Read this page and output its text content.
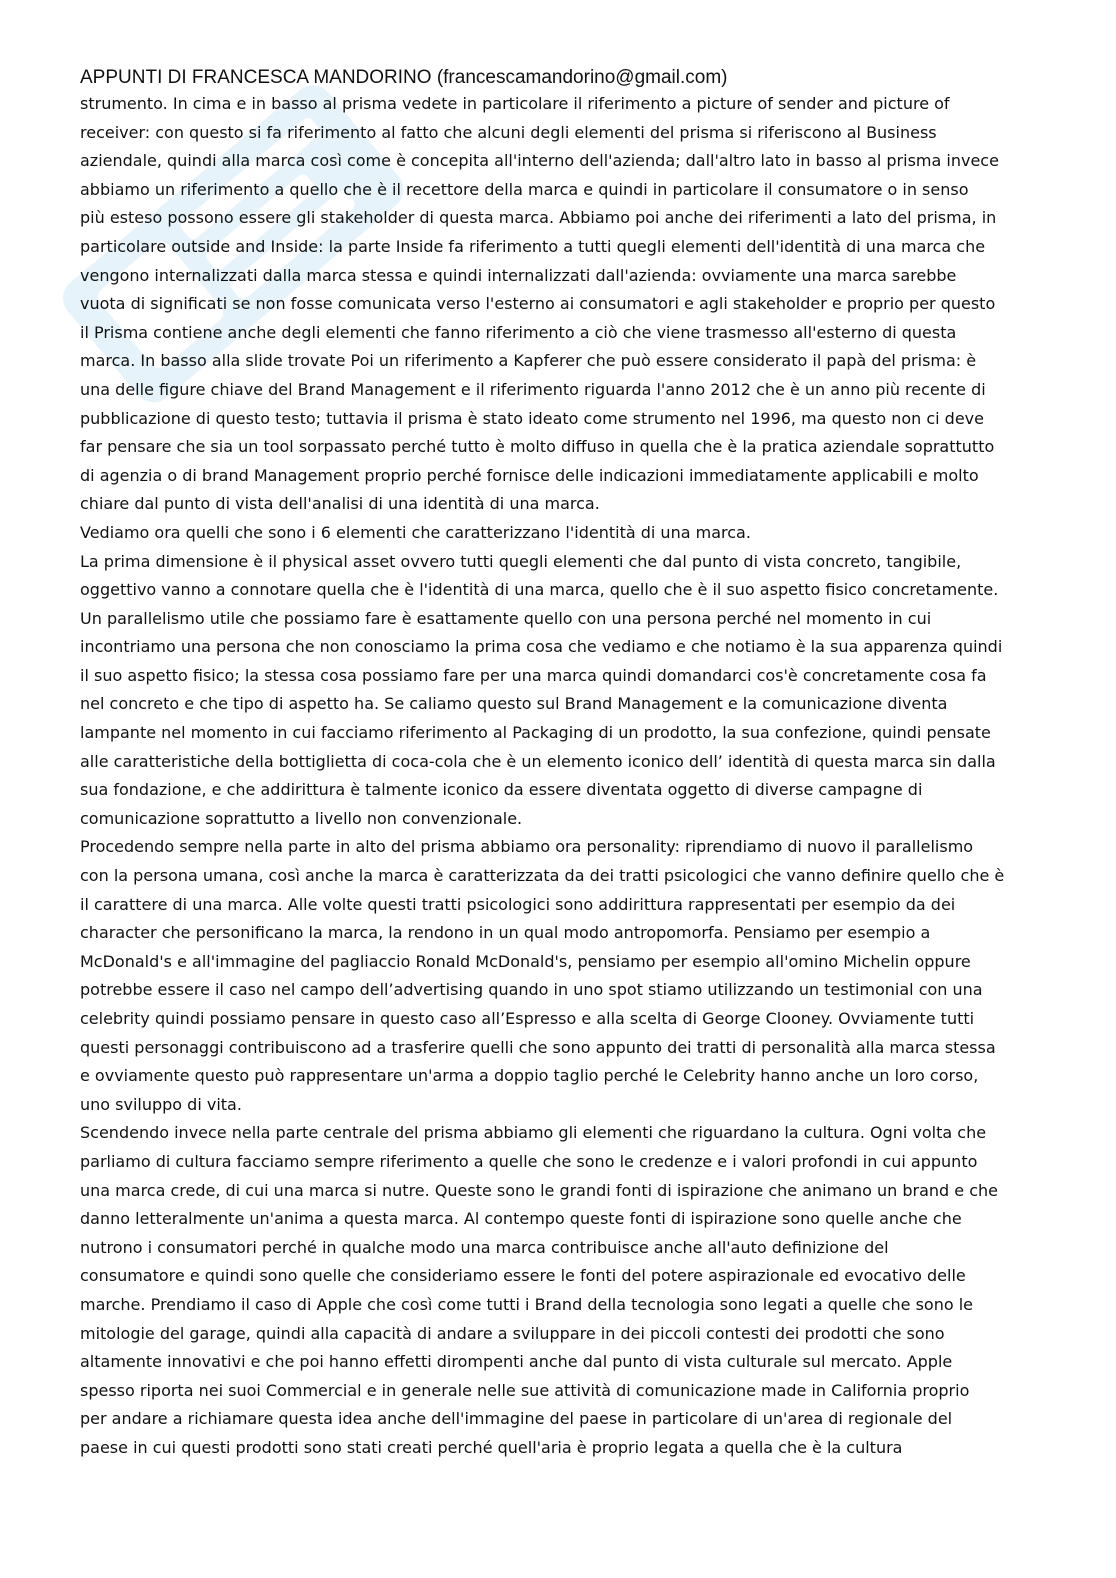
APPUNTI DI FRANCESCA MANDORINO (francescamandorino@gmail.com)

strumento. In cima e in basso al prisma vedete in particolare il riferimento a picture of sender and picture of
receiver: con questo si fa riferimento al fatto che alcuni degli elementi del prisma si riferiscono al Business
aziendale, quindi alla marca così come è concepita all'interno dell'azienda; dall'altro lato in basso al prisma invece
abbiamo un riferimento a quello che è il recettore della marca e quindi in particolare il consumatore o in senso
più esteso possono essere gli stakeholder di questa marca. Abbiamo poi anche dei riferimenti a lato del prisma, in
particolare outside and Inside: la parte Inside fa riferimento a tutti quegli elementi dell'identità di una marca che
vengono internalizzati dalla marca stessa e quindi internalizzati dall'azienda: ovviamente una marca sarebbe
vuota di significati se non fosse comunicata verso l'esterno ai consumatori e agli stakeholder e proprio per questo
il Prisma contiene anche degli elementi che fanno riferimento a ciò che viene trasmesso all'esterno di questa
marca. In basso alla slide trovate Poi un riferimento a Kapferer che può essere considerato il papà del prisma: è
una delle figure chiave del Brand Management e il riferimento riguarda l'anno 2012 che è un anno più recente di
pubblicazione di questo testo; tuttavia il prisma è stato ideato come strumento nel 1996, ma questo non ci deve
far pensare che sia un tool sorpassato perché tutto è molto diffuso in quella che è la pratica aziendale soprattutto
di agenzia o di brand Management proprio perché fornisce delle indicazioni immediatamente applicabili e molto
chiare dal punto di vista dell'analisi di una identità di una marca.

Vediamo ora quelli che sono i 6 elementi che caratterizzano l'identità di una marca.

La prima dimensione è il physical asset ovvero tutti quegli elementi che dal punto di vista concreto, tangibile,
oggettivo vanno a connotare quella che è l'identità di una marca, quello che è il suo aspetto fisico concretamente.
Un parallelismo utile che possiamo fare è esattamente quello con una persona perché nel momento in cui
incontriamo una persona che non conosciamo la prima cosa che vediamo e che notiamo è la sua apparenza quindi
il suo aspetto fisico; la stessa cosa possiamo fare per una marca quindi domandarci cos'è concretamente cosa fa
nel concreto e che tipo di aspetto ha. Se caliamo questo sul Brand Management e la comunicazione diventa
lampante nel momento in cui facciamo riferimento al Packaging di un prodotto, la sua confezione, quindi pensate
alle caratteristiche della bottiglietta di coca-cola che è un elemento iconico dell’ identità di questa marca sin dalla
sua fondazione, e che addirittura è talmente iconico da essere diventata oggetto di diverse campagne di
comunicazione soprattutto a livello non convenzionale.

Procedendo sempre nella parte in alto del prisma abbiamo ora personality: riprendiamo di nuovo il parallelismo
con la persona umana, così anche la marca è caratterizzata da dei tratti psicologici che vanno definire quello che è
il carattere di una marca. Alle volte questi tratti psicologici sono addirittura rappresentati per esempio da dei
character che personificano la marca, la rendono in un qual modo antropomorfa. Pensiamo per esempio a
McDonald's e all'immagine del pagliaccio Ronald McDonald's, pensiamo per esempio all'omino Michelin oppure
potrebbe essere il caso nel campo dell’advertising quando in uno spot stiamo utilizzando un testimonial con una
celebrity quindi possiamo pensare in questo caso all’Espresso e alla scelta di George Clooney. Ovviamente tutti
questi personaggi contribuiscono ad a trasferire quelli che sono appunto dei tratti di personalità alla marca stessa
e ovviamente questo può rappresentare un'arma a doppio taglio perché le Celebrity hanno anche un loro corso,
uno sviluppo di vita.

Scendendo invece nella parte centrale del prisma abbiamo gli elementi che riguardano la cultura. Ogni volta che
parliamo di cultura facciamo sempre riferimento a quelle che sono le credenze e i valori profondi in cui appunto
una marca crede, di cui una marca si nutre. Queste sono le grandi fonti di ispirazione che animano un brand e che
danno letteralmente un'anima a questa marca. Al contempo queste fonti di ispirazione sono quelle anche che
nutrono i consumatori perché in qualche modo una marca contribuisce anche all'auto definizione del
consumatore e quindi sono quelle che consideriamo essere le fonti del potere aspirazionale ed evocativo delle
marche. Prendiamo il caso di Apple che così come tutti i Brand della tecnologia sono legati a quelle che sono le
mitologie del garage, quindi alla capacità di andare a sviluppare in dei piccoli contesti dei prodotti che sono
altamente innovativi e che poi hanno effetti dirompenti anche dal punto di vista culturale sul mercato. Apple
spesso riporta nei suoi Commercial e in generale nelle sue attività di comunicazione made in California proprio
per andare a richiamare questa idea anche dell'immagine del paese in particolare di un'area di regionale del
paese in cui questi prodotti sono stati creati perché quell'aria è proprio legata a quella che è la cultura
